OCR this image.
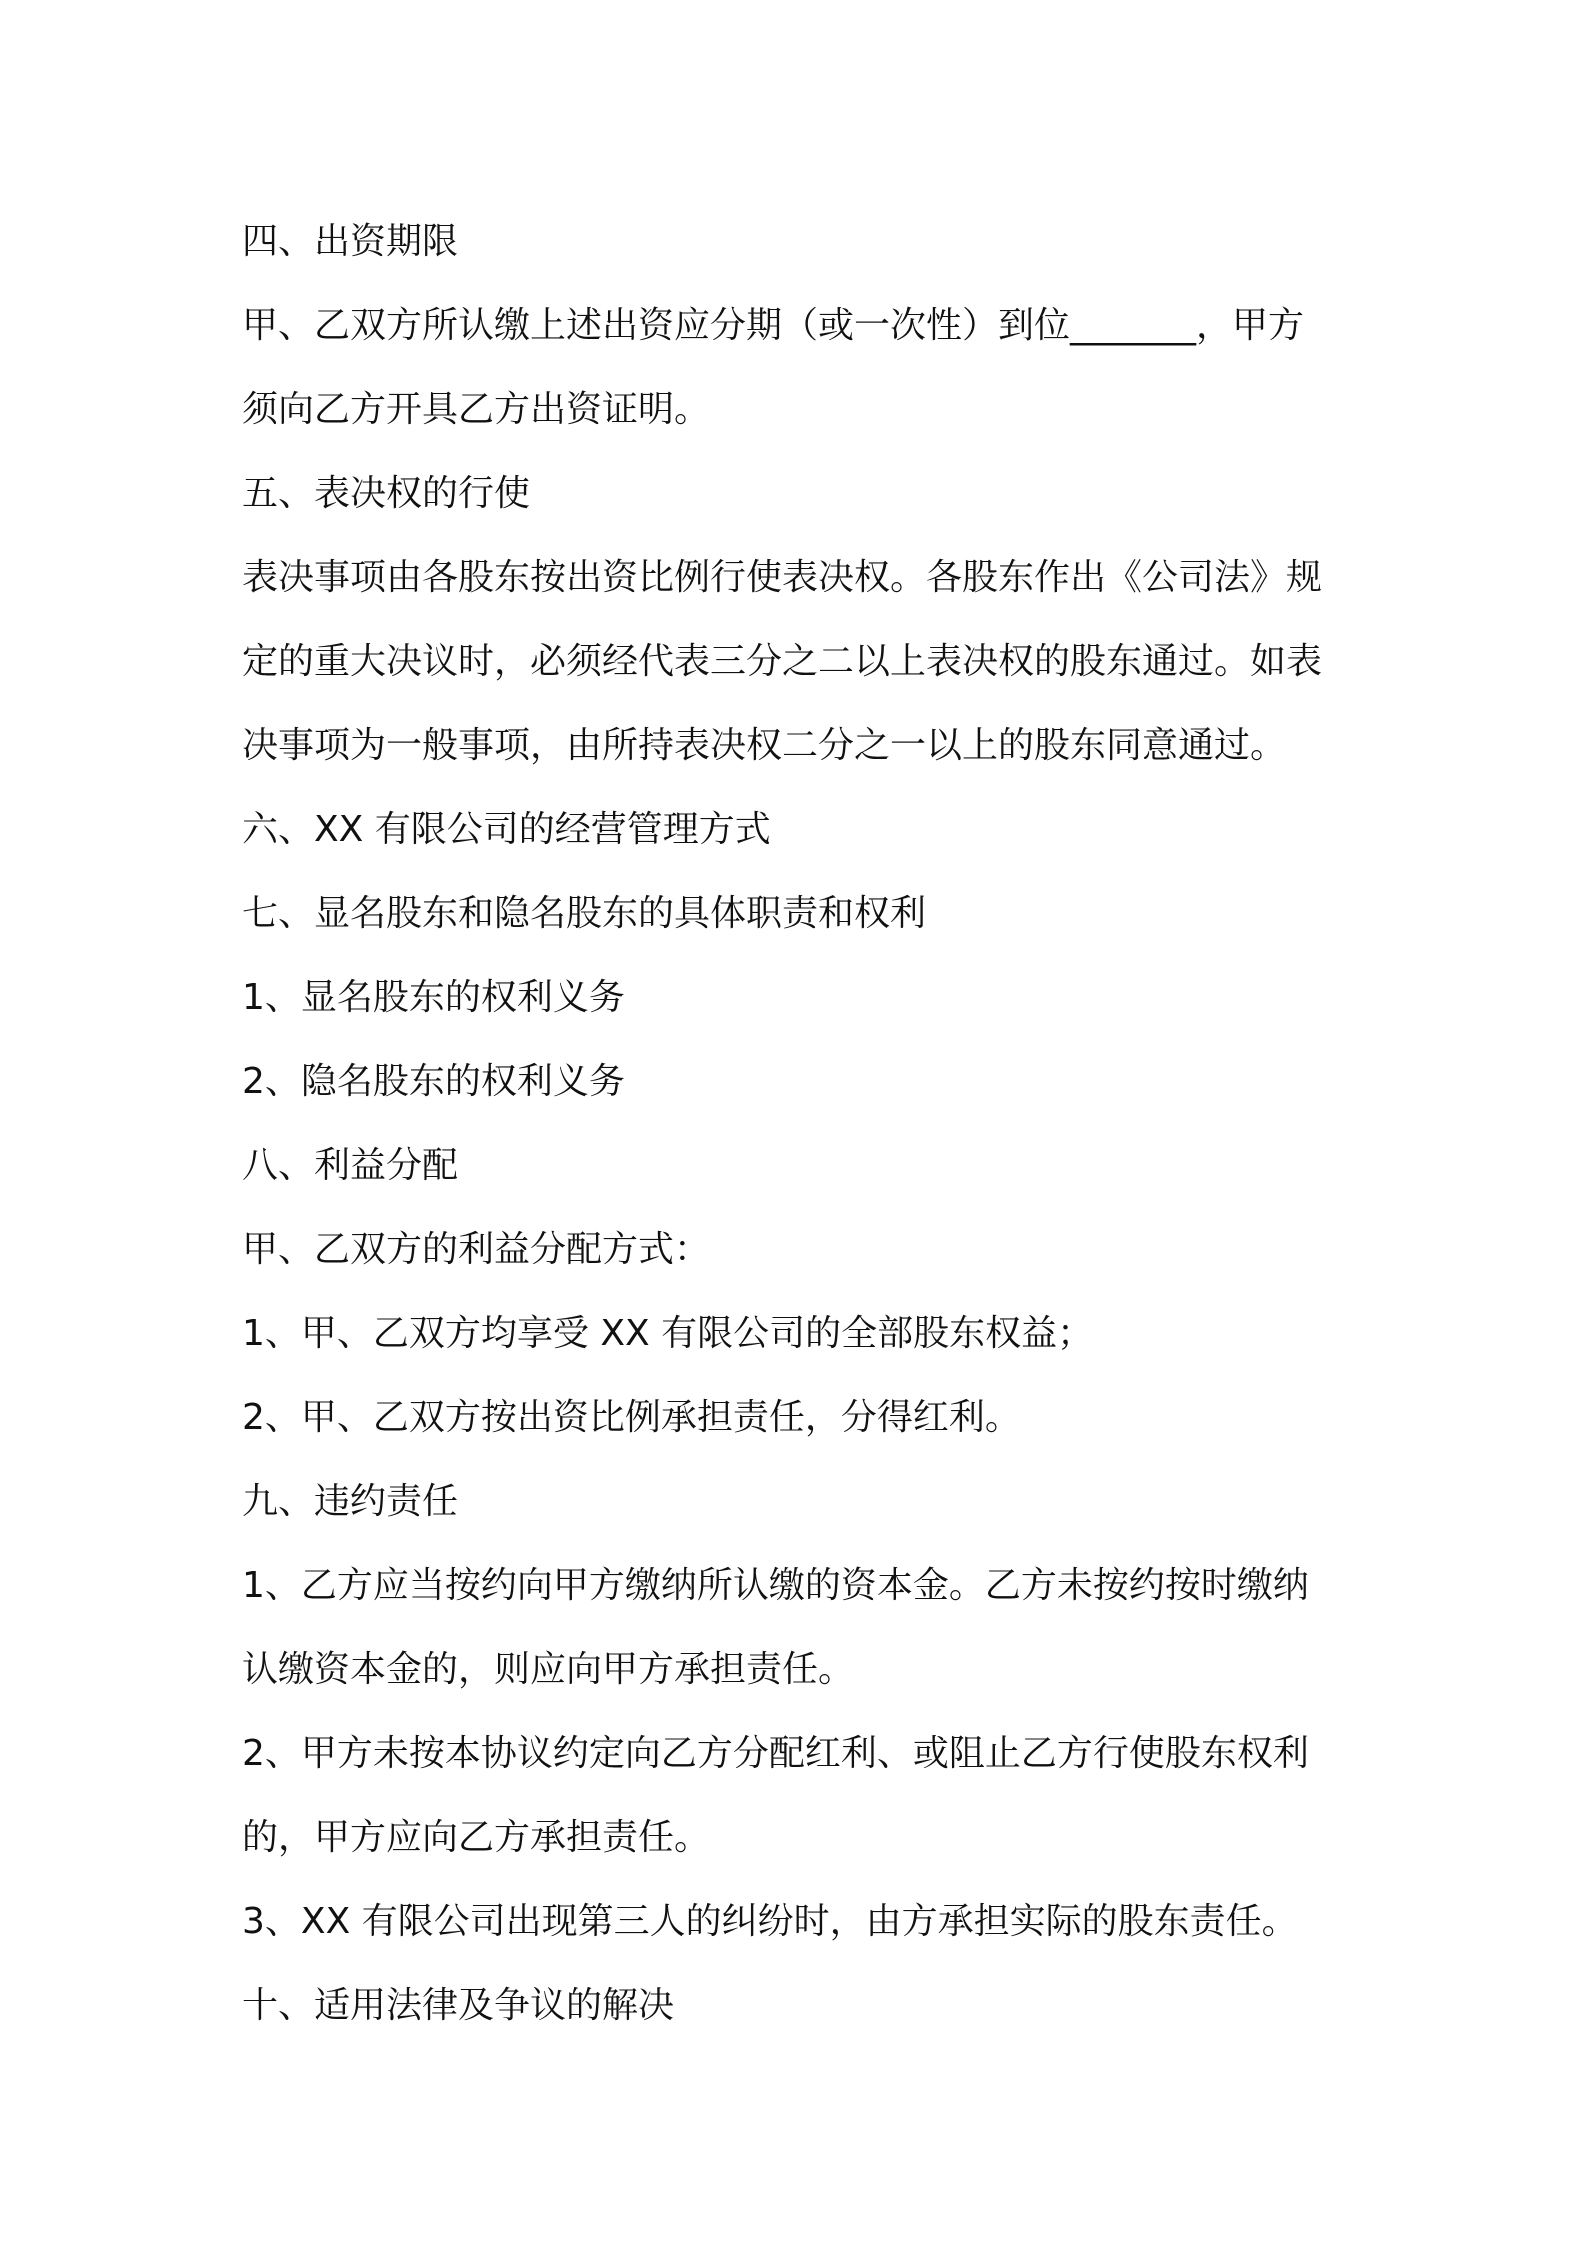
四、出资期限
甲、乙双方所认缴上述出资应分期（或一次性）到位_______，甲方
须向乙方开具乙方出资证明。
五、表决权的行使
表决事项由各股东按出资比例行使表决权。各股东作出《公司法》规
定的重大决议时，必须经代表三分之二以上表决权的股东通过。如表
决事项为一般事项，由所持表决权二分之一以上的股东同意通过。
六、XX 有限公司的经营管理方式
七、显名股东和隐名股东的具体职责和权利
1、显名股东的权利义务
2、隐名股东的权利义务
八、利益分配
甲、乙双方的利益分配方式：
1、甲、乙双方均享受 XX 有限公司的全部股东权益；
2、甲、乙双方按出资比例承担责任，分得红利。
九、违约责任
1、乙方应当按约向甲方缴纳所认缴的资本金。乙方未按约按时缴纳
认缴资本金的，则应向甲方承担责任。
2、甲方未按本协议约定向乙方分配红利、或阻止乙方行使股东权利
的，甲方应向乙方承担责任。
3、XX 有限公司出现第三人的纠纷时，由方承担实际的股东责任。
十、适用法律及争议的解决
